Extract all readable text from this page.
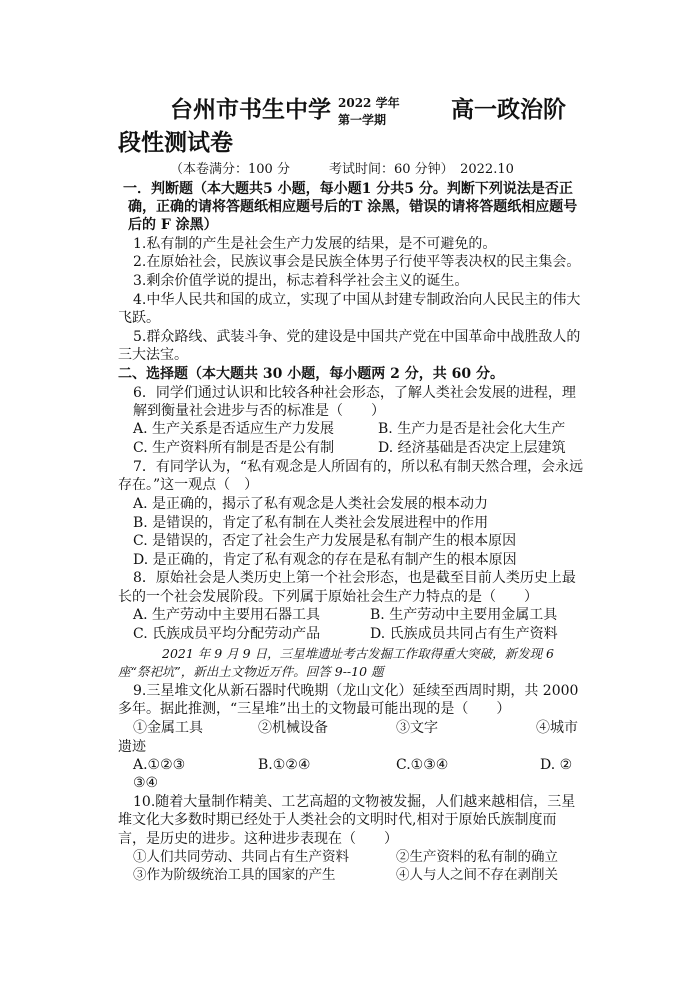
台州市书生中学 2022 学年
第一学期	高一政治阶
段性测试卷
（本卷满分：100 分　　　考试时间：60 分钟）　2022.10
一．判断题（本大题共5 小题，每小题1 分共5 分。判断下列说法是否正
确，正确的请将答题纸相应题号后的T 涂黑，错误的请将答题纸相应题号
后的 F 涂黑）
1.私有制的产生是社会生产力发展的结果，是不可避免的。
2.在原始社会，民族议事会是民族全体男子行使平等表决权的民主集会。
3.剩余价值学说的提出，标志着科学社会主义的诞生。
4.中华人民共和国的成立，实现了中国从封建专制政治向人民民主的伟大
飞跃。
5.群众路线、武装斗争、党的建设是中国共产党在中国革命中战胜敌人的
三大法宝。
二、选择题（本大题共 30 小题，每小题两 2 分，共 60 分。
6．同学们通过认识和比较各种社会形态，了解人类社会发展的进程，理
解到衡量社会进步与否的标准是（　　）
A. 生产关系是否适应生产力发展	B. 生产力是否是社会化大生产
C. 生产资料所有制是否是公有制	D. 经济基础是否决定上层建筑
7．有同学认为，“私有观念是人所固有的，所以私有制天然合理，会永远
存在。”这一观点（　）
A. 是正确的，揭示了私有观念是人类社会发展的根本动力
B. 是错误的，肯定了私有制在人类社会发展进程中的作用
C. 是错误的，否定了社会生产力发展是私有制产生的根本原因
D. 是正确的，肯定了私有观念的存在是私有制产生的根本原因
8．原始社会是人类历史上第一个社会形态，也是截至目前人类历史上最
长的一个社会发展阶段。下列属于原始社会生产力特点的是（　　）
A. 生产劳动中主要用石器工具	B. 生产劳动中主要用金属工具
C. 氏族成员平均分配劳动产品	D. 氏族成员共同占有生产资料
2021 年 9 月 9 日，三星堆遗址考古发掘工作取得重大突破，新发现 6
座“祭祀坑”，新出土文物近万件。回答 9--10 题
9.三星堆文化从新石器时代晚期（龙山文化）延续至西周时期，共 2000
多年。据此推测，“三星堆”出土的文物最可能出现的是（　　）
①金属工具	②机械设备	③文字	④城市
遗迹
A.①②③	B.①②④	C.①③④	D. ②
③④
10.随着大量制作精美、工艺高超的文物被发掘，人们越来越相信，三星
堆文化大多数时期已经处于人类社会的文明时代,相对于原始氏族制度而
言，是历史的进步。这种进步表现在（　　）
①人们共同劳动、共同占有生产资料	②生产资料的私有制的确立
③作为阶级统治工具的国家的产生	④人与人之间不存在剥削关
